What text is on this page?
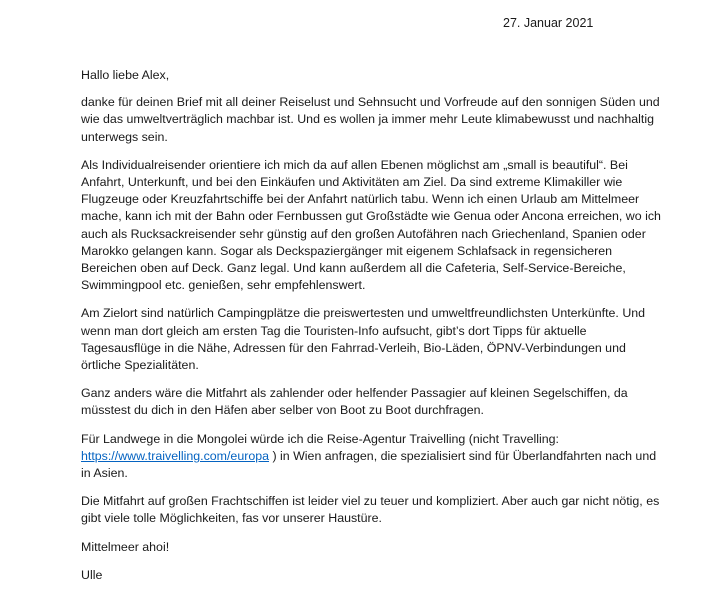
27. Januar 2021

Hallo liebe Alex,

danke für deinen Brief mit all deiner Reiselust und Sehnsucht und Vorfreude auf den sonnigen Süden und wie das umweltverträglich machbar ist. Und es wollen ja immer mehr Leute klimabewusst und nachhaltig unterwegs sein.

Als Individualreisender orientiere ich mich da auf allen Ebenen möglichst am „small is beautiful“. Bei Anfahrt, Unterkunft, und bei den Einkäufen und Aktivitäten am Ziel. Da sind extreme Klimakiller wie Flugzeuge oder Kreuzfahrtschiffe bei der Anfahrt natürlich tabu. Wenn ich einen Urlaub am Mittelmeer mache, kann ich mit der Bahn oder Fernbussen gut Großstädte wie Genua oder Ancona erreichen, wo ich auch als Rucksackreisender sehr günstig auf den großen Autofähren nach Griechenland, Spanien oder Marokko gelangen kann. Sogar als Deckspaziergänger mit eigenem Schlafsack in regensicheren Bereichen oben auf Deck. Ganz legal. Und kann außerdem all die Cafeteria, Self-Service-Bereiche, Swimmingpool etc. genießen, sehr empfehlenswert.

Am Zielort sind natürlich Campingplätze die preiswertesten und umweltfreundlichsten Unterkünfte. Und wenn man dort gleich am ersten Tag die Touristen-Info aufsucht, gibt’s dort Tipps für aktuelle Tagesausflüge in die Nähe, Adressen für den Fahrrad-Verleih, Bio-Läden, ÖPNV-Verbindungen und örtliche Spezialitäten.

Ganz anders wäre die Mitfahrt als zahlender oder helfender Passagier auf kleinen Segelschiffen, da müsstest du dich in den Häfen aber selber von Boot zu Boot durchfragen.

Für Landwege in die Mongolei würde ich die Reise-Agentur Traivelling (nicht Travelling: https://www.traivelling.com/europa ) in Wien anfragen, die spezialisiert sind für Überlandfahrten nach und in Asien.

Die Mitfahrt auf großen Frachtschiffen ist leider viel zu teuer und kompliziert. Aber auch gar nicht nötig, es gibt viele tolle Möglichkeiten, fas vor unserer Haustüre.

Mittelmeer ahoi!

Ulle
